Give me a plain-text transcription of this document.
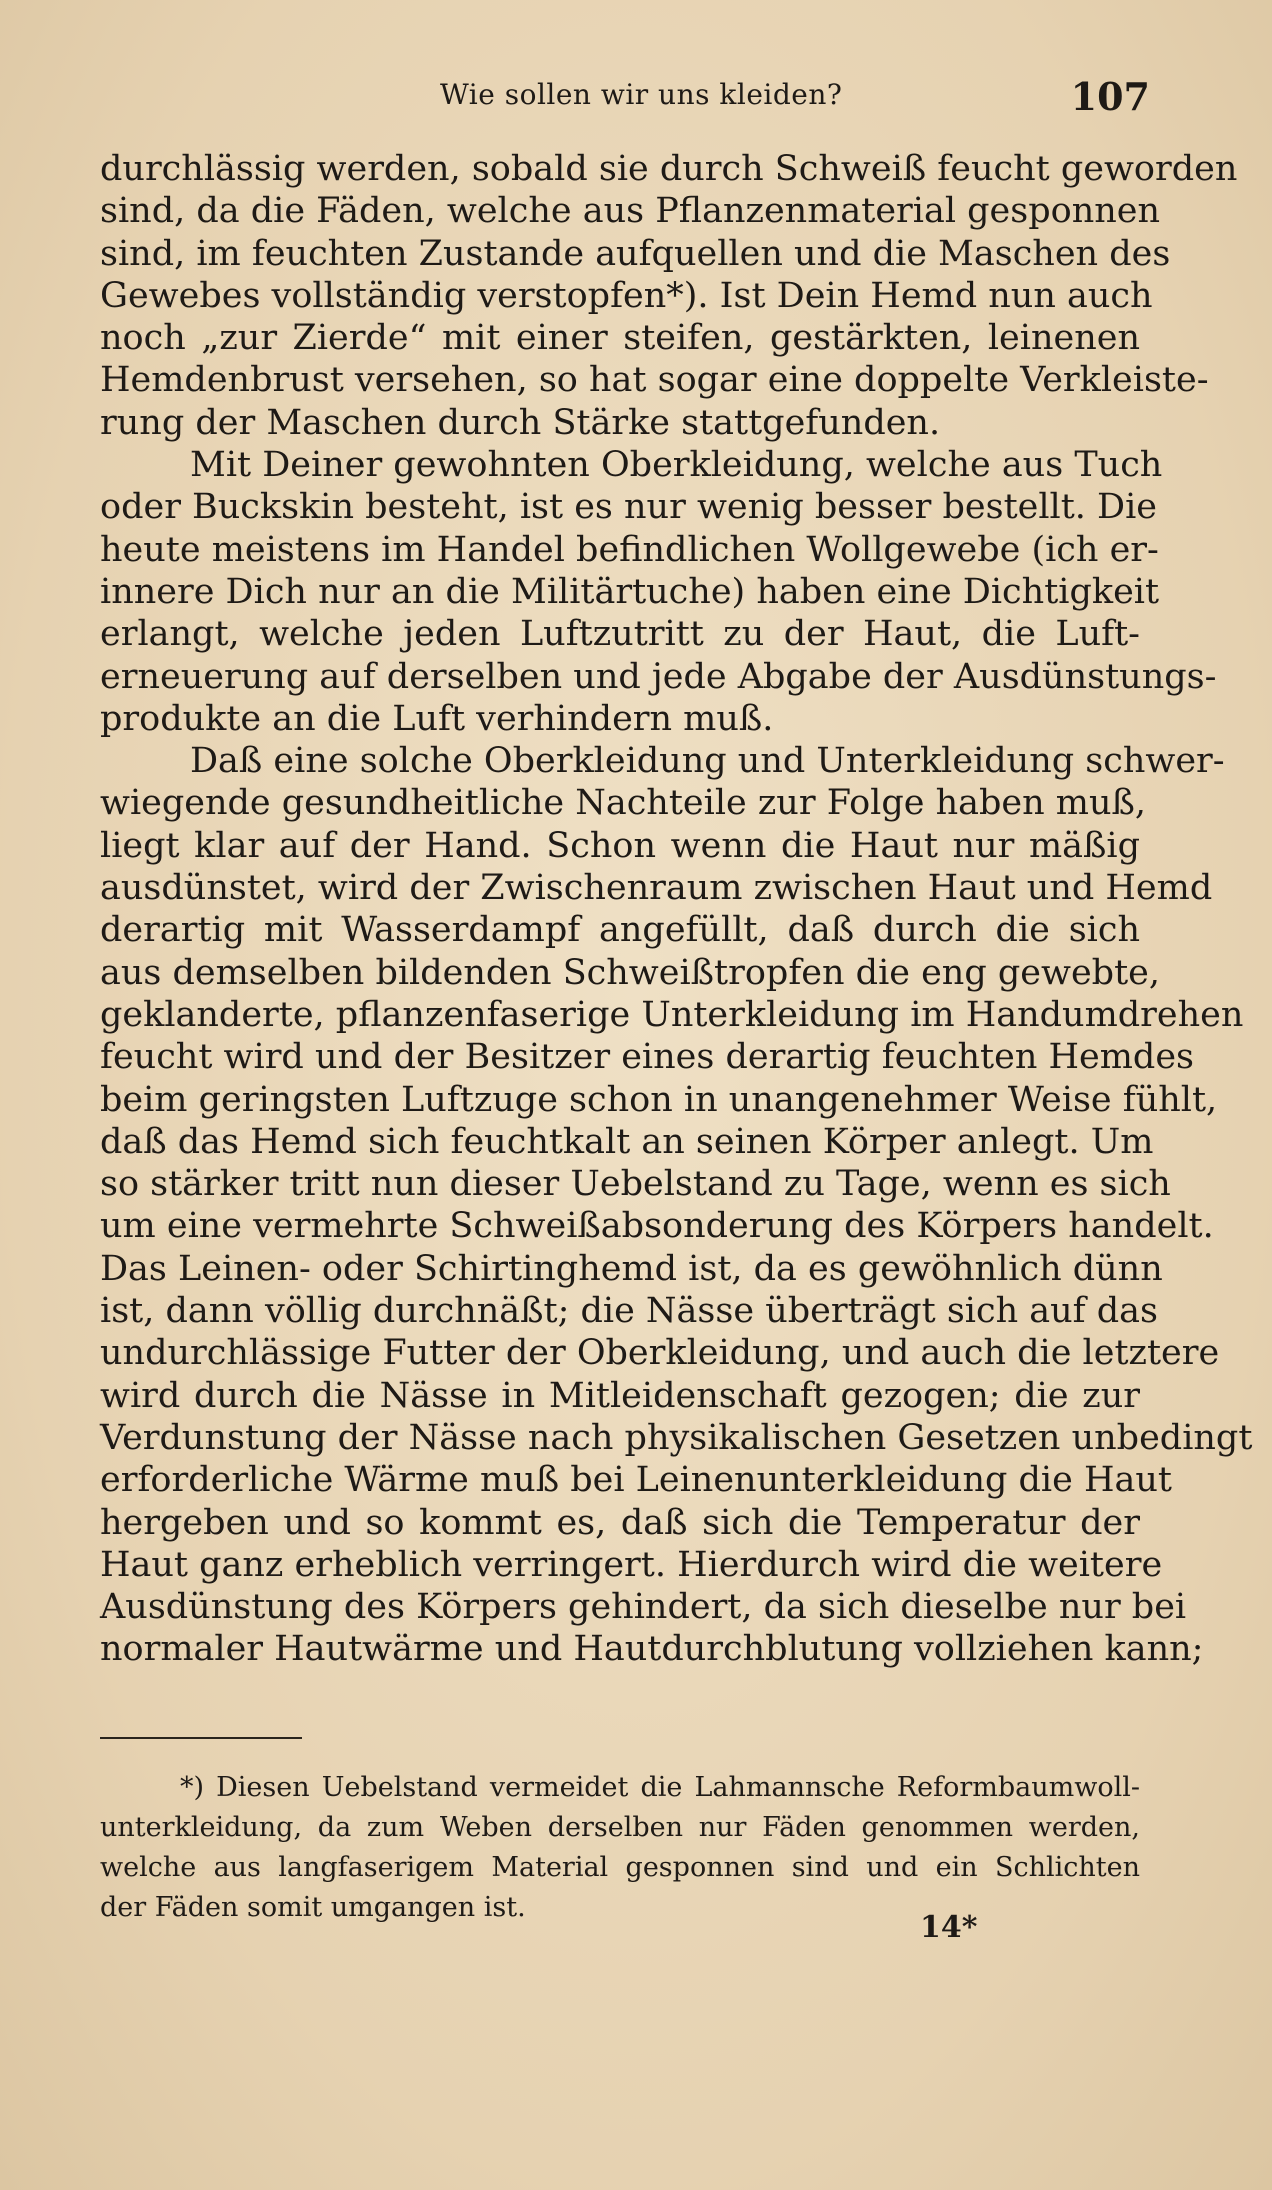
Wie sollen wir uns kleiden?	107

durchlässig werden, sobald sie durch Schweiß feucht geworden
sind, da die Fäden, welche aus Pflanzenmaterial gesponnen
sind, im feuchten Zustande aufquellen und die Maschen des
Gewebes vollständig verstopfen*). Ist Dein Hemd nun auch
noch „zur Zierde“ mit einer steifen, gestärkten, leinenen
Hemdenbrust versehen, so hat sogar eine doppelte Verkleiste-
rung der Maschen durch Stärke stattgefunden.

Mit Deiner gewohnten Oberkleidung, welche aus Tuch
oder Buckskin besteht, ist es nur wenig besser bestellt. Die
heute meistens im Handel befindlichen Wollgewebe (ich er-
innere Dich nur an die Militärtuche) haben eine Dichtigkeit
erlangt, welche jeden Luftzutritt zu der Haut, die Luft-
erneuerung auf derselben und jede Abgabe der Ausdünstungs-
produkte an die Luft verhindern muß.

Daß eine solche Oberkleidung und Unterkleidung schwer-
wiegende gesundheitliche Nachteile zur Folge haben muß,
liegt klar auf der Hand. Schon wenn die Haut nur mäßig
ausdünstet, wird der Zwischenraum zwischen Haut und Hemd
derartig mit Wasserdampf angefüllt, daß durch die sich
aus demselben bildenden Schweißtropfen die eng gewebte,
geklanderte, pflanzenfaserige Unterkleidung im Handumdrehen
feucht wird und der Besitzer eines derartig feuchten Hemdes
beim geringsten Luftzuge schon in unangenehmer Weise fühlt,
daß das Hemd sich feuchtkalt an seinen Körper anlegt. Um
so stärker tritt nun dieser Uebelstand zu Tage, wenn es sich
um eine vermehrte Schweißabsonderung des Körpers handelt.
Das Leinen- oder Schirtinghemd ist, da es gewöhnlich dünn
ist, dann völlig durchnäßt; die Nässe überträgt sich auf das
undurchlässige Futter der Oberkleidung, und auch die letztere
wird durch die Nässe in Mitleidenschaft gezogen; die zur
Verdunstung der Nässe nach physikalischen Gesetzen unbedingt
erforderliche Wärme muß bei Leinenunterkleidung die Haut
hergeben und so kommt es, daß sich die Temperatur der
Haut ganz erheblich verringert. Hierdurch wird die weitere
Ausdünstung des Körpers gehindert, da sich dieselbe nur bei
normaler Hautwärme und Hautdurchblutung vollziehen kann;

*) Diesen Uebelstand vermeidet die Lahmannsche Reformbaumwoll-
unterkleidung, da zum Weben derselben nur Fäden genommen werden,
welche aus langfaserigem Material gesponnen sind und ein Schlichten
der Fäden somit umgangen ist.
14*
